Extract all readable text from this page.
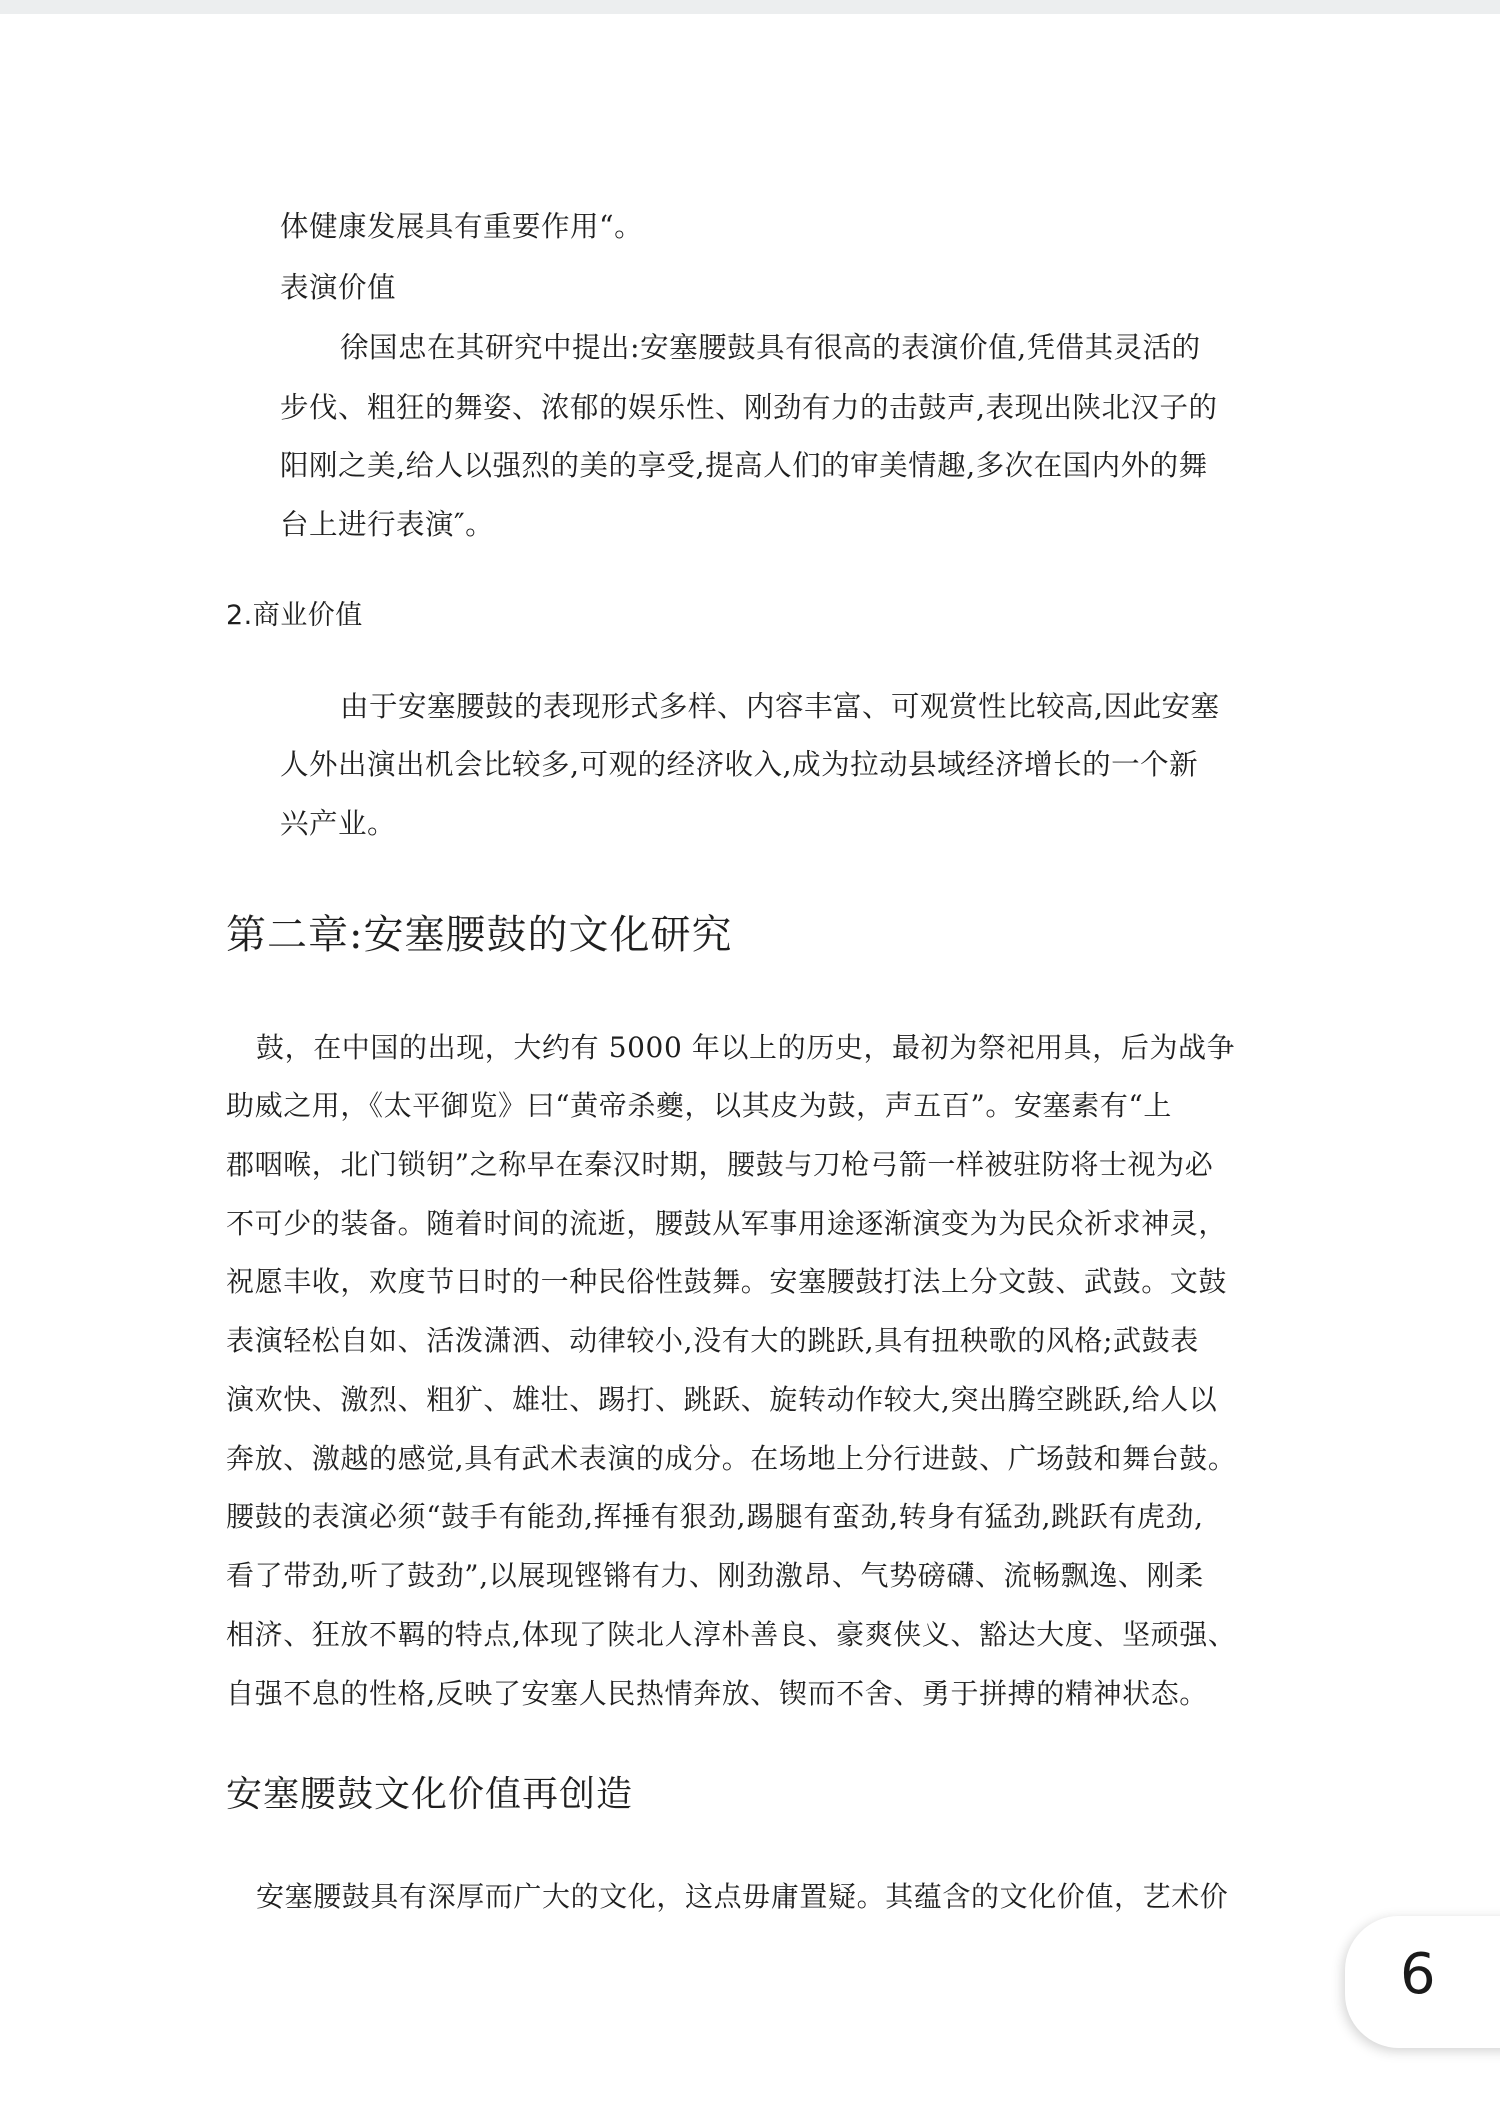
体健康发展具有重要作用“。

表演价值

徐国忠在其研究中提出:安塞腰鼓具有很高的表演价值,凭借其灵活的

步伐、粗狂的舞姿、浓郁的娱乐性、刚劲有力的击鼓声,表现出陕北汉子的

阳刚之美,给人以强烈的美的享受,提高人们的审美情趣,多次在国内外的舞

台上进行表演″。

2.商业价值

由于安塞腰鼓的表现形式多样、内容丰富、可观赏性比较高,因此安塞

人外出演出机会比较多,可观的经济收入,成为拉动县域经济增长的一个新

兴产业。

第二章:安塞腰鼓的文化研究

鼓，在中国的出现，大约有 5000 年以上的历史，最初为祭祀用具，后为战争

助威之用，《太平御览》曰“黄帝杀夔，以其皮为鼓，声五百”。安塞素有“上

郡咽喉，北门锁钥”之称早在秦汉时期，腰鼓与刀枪弓箭一样被驻防将士视为必

不可少的装备。随着时间的流逝，腰鼓从军事用途逐渐演变为为民众祈求神灵，

祝愿丰收，欢度节日时的一种民俗性鼓舞。安塞腰鼓打法上分文鼓、武鼓。文鼓

表演轻松自如、活泼潇洒、动律较小,没有大的跳跃,具有扭秧歌的风格;武鼓表

演欢快、激烈、粗犷、雄壮、踢打、跳跃、旋转动作较大,突出腾空跳跃,给人以

奔放、激越的感觉,具有武术表演的成分。在场地上分行进鼓、广场鼓和舞台鼓。

腰鼓的表演必须“鼓手有能劲,挥捶有狠劲,踢腿有蛮劲,转身有猛劲,跳跃有虎劲,

看了带劲,听了鼓劲”,以展现铿锵有力、刚劲激昂、气势磅礴、流畅飘逸、刚柔

相济、狂放不羁的特点,体现了陕北人淳朴善良、豪爽侠义、豁达大度、坚顽强、

自强不息的性格,反映了安塞人民热情奔放、锲而不舍、勇于拼搏的精神状态。

安塞腰鼓文化价值再创造

安塞腰鼓具有深厚而广大的文化，这点毋庸置疑。其蕴含的文化价值，艺术价

6
